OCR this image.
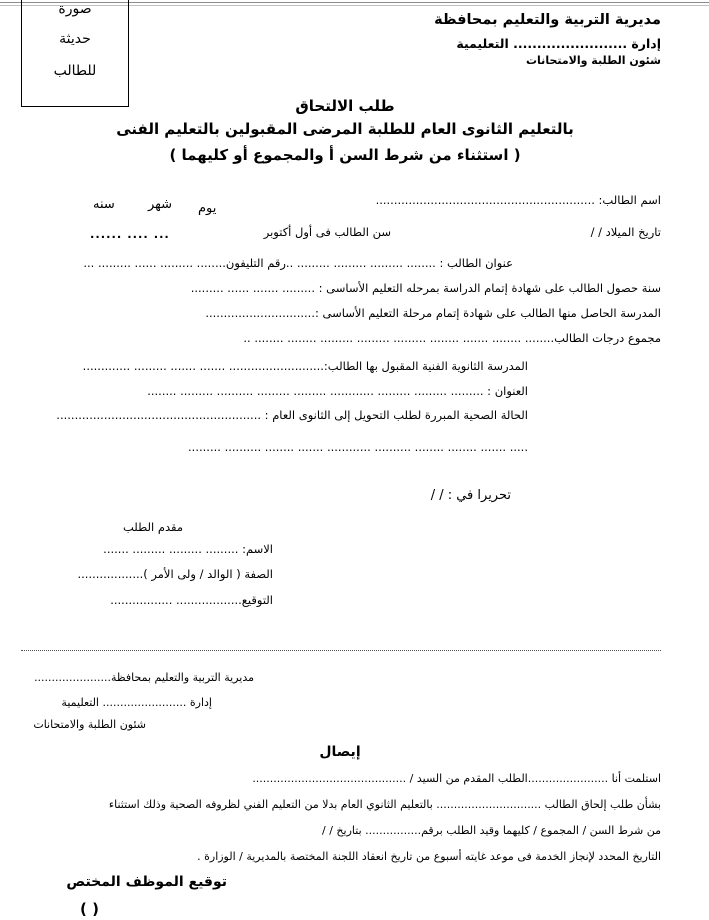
صورة
حديثة
للطالب
مديرية التربية والتعليم بمحافظة
إدارة ........................ التعليمية
شئون الطلبة والامتحانات
طلب الالتحاق
بالتعليم الثانوى العام للطلبة المرضى المقبولين بالتعليم الفنى
( استثناء من شرط السن أ والمجموع أو كليهما )
اسم الطالب: ............................................................
يوم
شهر
سنه
تاريخ الميلاد / /
سن الطالب فى أول أكتوبر
...... .... ...
عنوان الطالب : ........ ......... ......... ......... ..رقم التليفون........ ......... ...... ......... ...
سنة حصول الطالب على شهادة إتمام الدراسة بمرحله التعليم الأساسى : ......... ....... ...... .........
المدرسة الحاصل منها الطالب على شهادة إتمام مرحلة التعليم الأساسى :..............................
مجموع درجات الطالب........ ........ ....... ........ ......... ......... ......... ........ ........ ..
المدرسة الثانوية الفنية المقبول بها الطالب:.......................... ....... ....... ......... .............
العنوان : ......... ......... ......... ............ ......... ......... .......... ......... ........
الحالة الصحية المبررة لطلب التحويل إلى الثانوى العام : ........................................................
..... ....... ........ ........ .......... ............ ....... ........ .......... .........
تحريرا في : / /
مقدم الطلب
الاسم: ......... ......... ......... .......
الصفة ( الوالد / ولى الأمر )..................
التوقيع.................. .................
مديرية التربية والتعليم بمحافظة......................
إدارة ........................ التعليمية
شئون الطلبة والامتحانات
إيصال
استلمت أنا .......................الطلب المقدم من السيد / ............................................
بشأن طلب إلحاق الطالب .............................. بالتعليم الثانوي العام بدلا من التعليم الفني لظروفه الصحية وذلك استثناء
من شرط السن / المجموع / كليهما وقيد الطلب برقم................ بتاريخ / /
التاريخ المحدد لإنجاز الخدمة فى موعد غايته أسبوع من تاريخ انعقاد اللجنة المختصة بالمديرية / الوزارة .
توقيع الموظف المختص
( )
